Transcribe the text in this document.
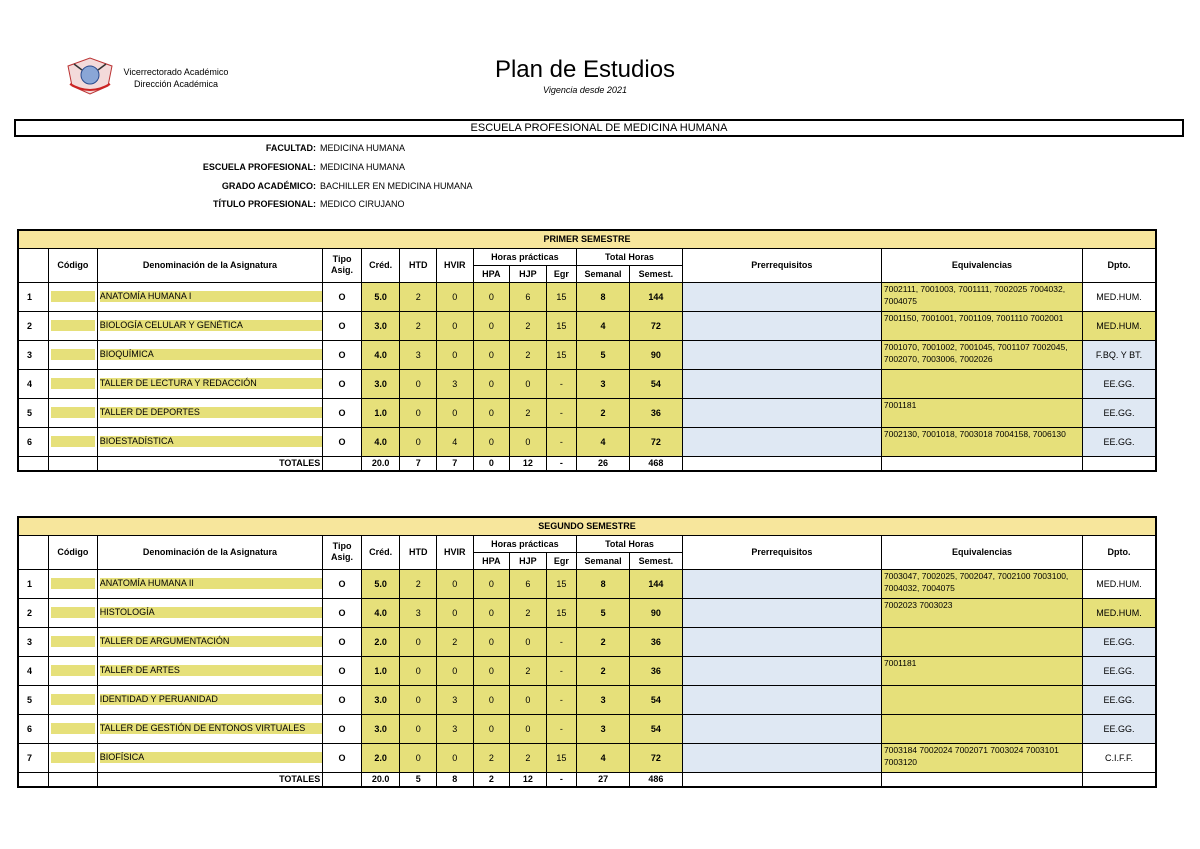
Vicerrectorado Académico
Dirección Académica
Plan de Estudios
Vigencia desde 2021
ESCUELA PROFESIONAL DE MEDICINA HUMANA
FACULTAD: MEDICINA HUMANA
ESCUELA PROFESIONAL: MEDICINA HUMANA
GRADO ACADÉMICO: BACHILLER EN MEDICINA HUMANA
TÍTULO PROFESIONAL: MEDICO CIRUJANO
PRIMER SEMESTRE														
	Código	Denominación de la Asignatura	Tipo Asig.	Créd.	HTD	HVIR	Horas prácticas			Total Horas		Prerrequisitos	Equivalencias	Dpto.
							HPA	HJP	Egr	Semanal	Semest.			
1		ANATOMÍA HUMANA I	O	5.0	2	0	0	6	15	8	144		7002111, 7001003, 7001111, 7002025 7004032, 7004075	MED.HUM.
2		BIOLOGÍA CELULAR Y GENÉTICA	O	3.0	2	0	0	2	15	4	72		7001150, 7001001, 7001109, 7001110 7002001	MED.HUM.
3		BIOQUÍMICA	O	4.0	3	0	0	2	15	5	90		7001070, 7001002, 7001045, 7001107 7002045, 7002070, 7003006, 7002026	F.BQ. Y BT.
4		TALLER DE LECTURA Y REDACCIÓN	O	3.0	0	3	0	0	-	3	54			EE.GG.
5		TALLER DE DEPORTES	O	1.0	0	0	0	2	-	2	36		7001181	EE.GG.
6		BIOESTADÍSTICA	O	4.0	0	4	0	0	-	4	72		7002130, 7001018, 7003018 7004158, 7006130	EE.GG.
		TOTALES		20.0	7	7	0	12	-	26	468			
SEGUNDO SEMESTRE														
	Código	Denominación de la Asignatura	Tipo Asig.	Créd.	HTD	HVIR	Horas prácticas			Total Horas		Prerrequisitos	Equivalencias	Dpto.
							HPA	HJP	Egr	Semanal	Semest.			
1		ANATOMÍA HUMANA II	O	5.0	2	0	0	6	15	8	144		7003047, 7002025, 7002047, 7002100 7003100, 7004032, 7004075	MED.HUM.
2		HISTOLOGÍA	O	4.0	3	0	0	2	15	5	90		7002023 7003023	MED.HUM.
3		TALLER DE ARGUMENTACIÓN	O	2.0	0	2	0	0	-	2	36			EE.GG.
4		TALLER DE ARTES	O	1.0	0	0	0	2	-	2	36		7001181	EE.GG.
5		IDENTIDAD Y PERUANIDAD	O	3.0	0	3	0	0	-	3	54			EE.GG.
6		TALLER DE GESTIÓN DE ENTONOS VIRTUALES	O	3.0	0	3	0	0	-	3	54			EE.GG.
7		BIOFÍSICA	O	2.0	0	0	2	2	15	4	72		7003184 7002024 7002071 7003024 7003101 7003120	C.I.F.F.
		TOTALES		20.0	5	8	2	12	-	27	486			
